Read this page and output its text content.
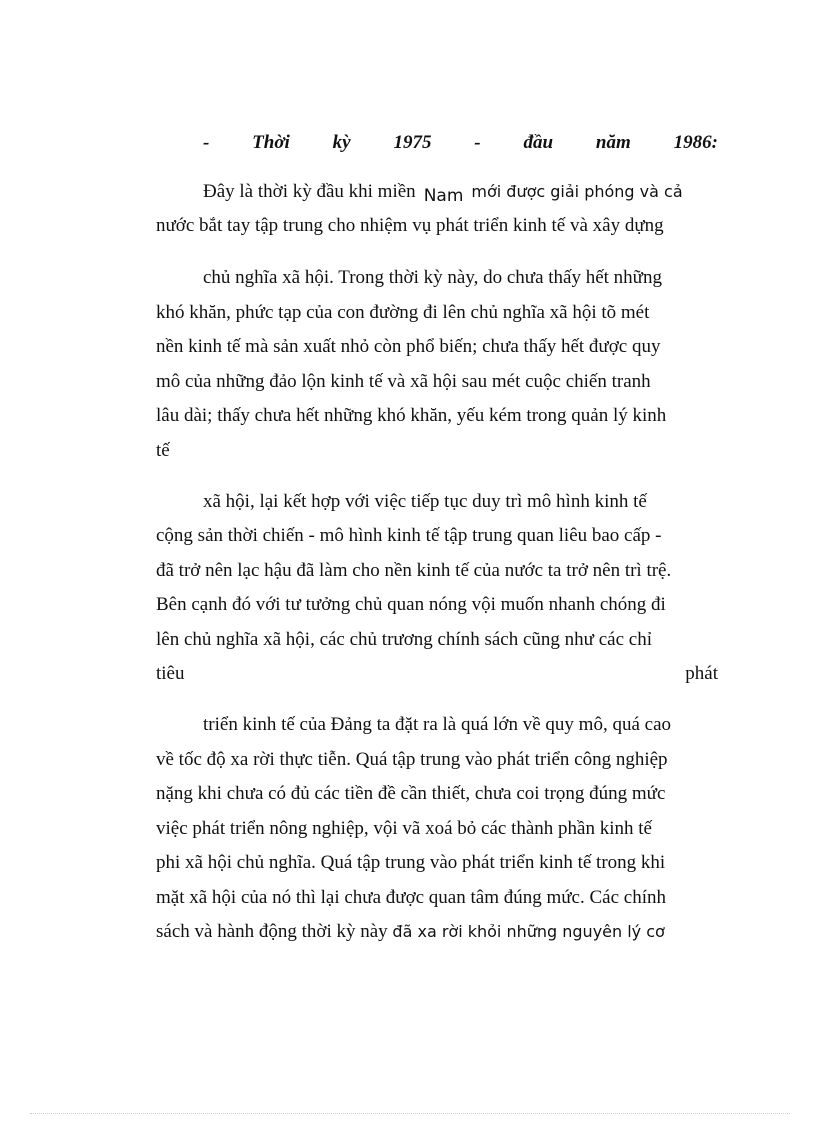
- Thời kỳ 1975 - đầu năm 1986:
Đây là thời kỳ đầu khi miền Nam mới được giải phóng và cả
nước bắt tay tập trung cho nhiệm vụ phát triển kinh tế và xây dựng
chủ nghĩa xã hội. Trong thời kỳ này, do chưa thấy hết những
khó khăn, phức tạp của con đường đi lên chủ nghĩa xã hội tõ mét
nền kinh tế mà sản xuất nhỏ còn phổ biến; chưa thấy hết được quy
mô của những đảo lộn kinh tế và xã hội sau mét cuộc chiến tranh
lâu dài; thấy chưa hết những khó khăn, yếu kém trong quản lý kinh
tế
xã hội, lại kết hợp với việc tiếp tục duy trì mô hình kinh tế
cộng sản thời chiến - mô hình kinh tế tập trung quan liêu bao cấp -
đã trở nên lạc hậu đã làm cho nền kinh tế của nước ta trở nên trì trệ.
Bên cạnh đó với tư tưởng chủ quan nóng vội muốn nhanh chóng đi
lên chủ nghĩa xã hội, các chủ trương chính sách cũng như các chỉ
tiêu	phát
triển kinh tế của Đảng ta đặt ra là quá lớn về quy mô, quá cao
về tốc độ xa rời thực tiễn. Quá tập trung vào phát triển công nghiệp
nặng khi chưa có đủ các tiền đề cần thiết, chưa coi trọng đúng mức
việc phát triển nông nghiệp, vội vã xoá bỏ các thành phần kinh tế
phi xã hội chủ nghĩa. Quá tập trung vào phát triển kinh tế trong khi
mặt xã hội của nó thì lại chưa được quan tâm đúng mức. Các chính
sách và hành động thời kỳ này đã xa rời khỏi những nguyên lý cơ
